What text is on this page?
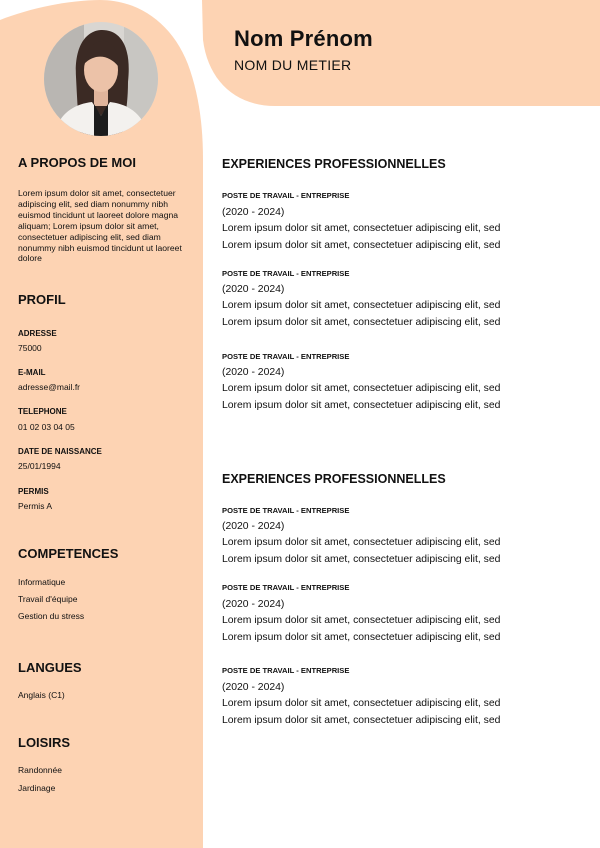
Nom Prénom
NOM DU METIER
A PROPOS DE MOI
Lorem ipsum dolor sit amet, consectetuer adipiscing elit, sed diam nonummy nibh euismod tincidunt ut laoreet dolore magna aliquam; Lorem ipsum dolor sit amet, consectetuer adipiscing elit, sed diam nonummy nibh euismod tincidunt ut laoreet dolore
PROFIL
ADRESSE
75000
E-MAIL
adresse@mail.fr
TELEPHONE
01 02 03 04 05
DATE DE NAISSANCE
25/01/1994
PERMIS
Permis A
COMPETENCES
Informatique
Travail d'équipe
Gestion du stress
LANGUES
Anglais (C1)
LOISIRS
Randonnée
Jardinage
EXPERIENCES PROFESSIONNELLES
POSTE DE TRAVAIL - ENTREPRISE
(2020 - 2024)
Lorem ipsum dolor sit amet, consectetuer adipiscing elit, sed
Lorem ipsum dolor sit amet, consectetuer adipiscing elit, sed
POSTE DE TRAVAIL - ENTREPRISE
(2020 - 2024)
Lorem ipsum dolor sit amet, consectetuer adipiscing elit, sed
Lorem ipsum dolor sit amet, consectetuer adipiscing elit, sed
POSTE DE TRAVAIL - ENTREPRISE
(2020 - 2024)
Lorem ipsum dolor sit amet, consectetuer adipiscing elit, sed
Lorem ipsum dolor sit amet, consectetuer adipiscing elit, sed
EXPERIENCES PROFESSIONNELLES
POSTE DE TRAVAIL - ENTREPRISE
(2020 - 2024)
Lorem ipsum dolor sit amet, consectetuer adipiscing elit, sed
Lorem ipsum dolor sit amet, consectetuer adipiscing elit, sed
POSTE DE TRAVAIL - ENTREPRISE
(2020 - 2024)
Lorem ipsum dolor sit amet, consectetuer adipiscing elit, sed
Lorem ipsum dolor sit amet, consectetuer adipiscing elit, sed
POSTE DE TRAVAIL - ENTREPRISE
(2020 - 2024)
Lorem ipsum dolor sit amet, consectetuer adipiscing elit, sed
Lorem ipsum dolor sit amet, consectetuer adipiscing elit, sed
